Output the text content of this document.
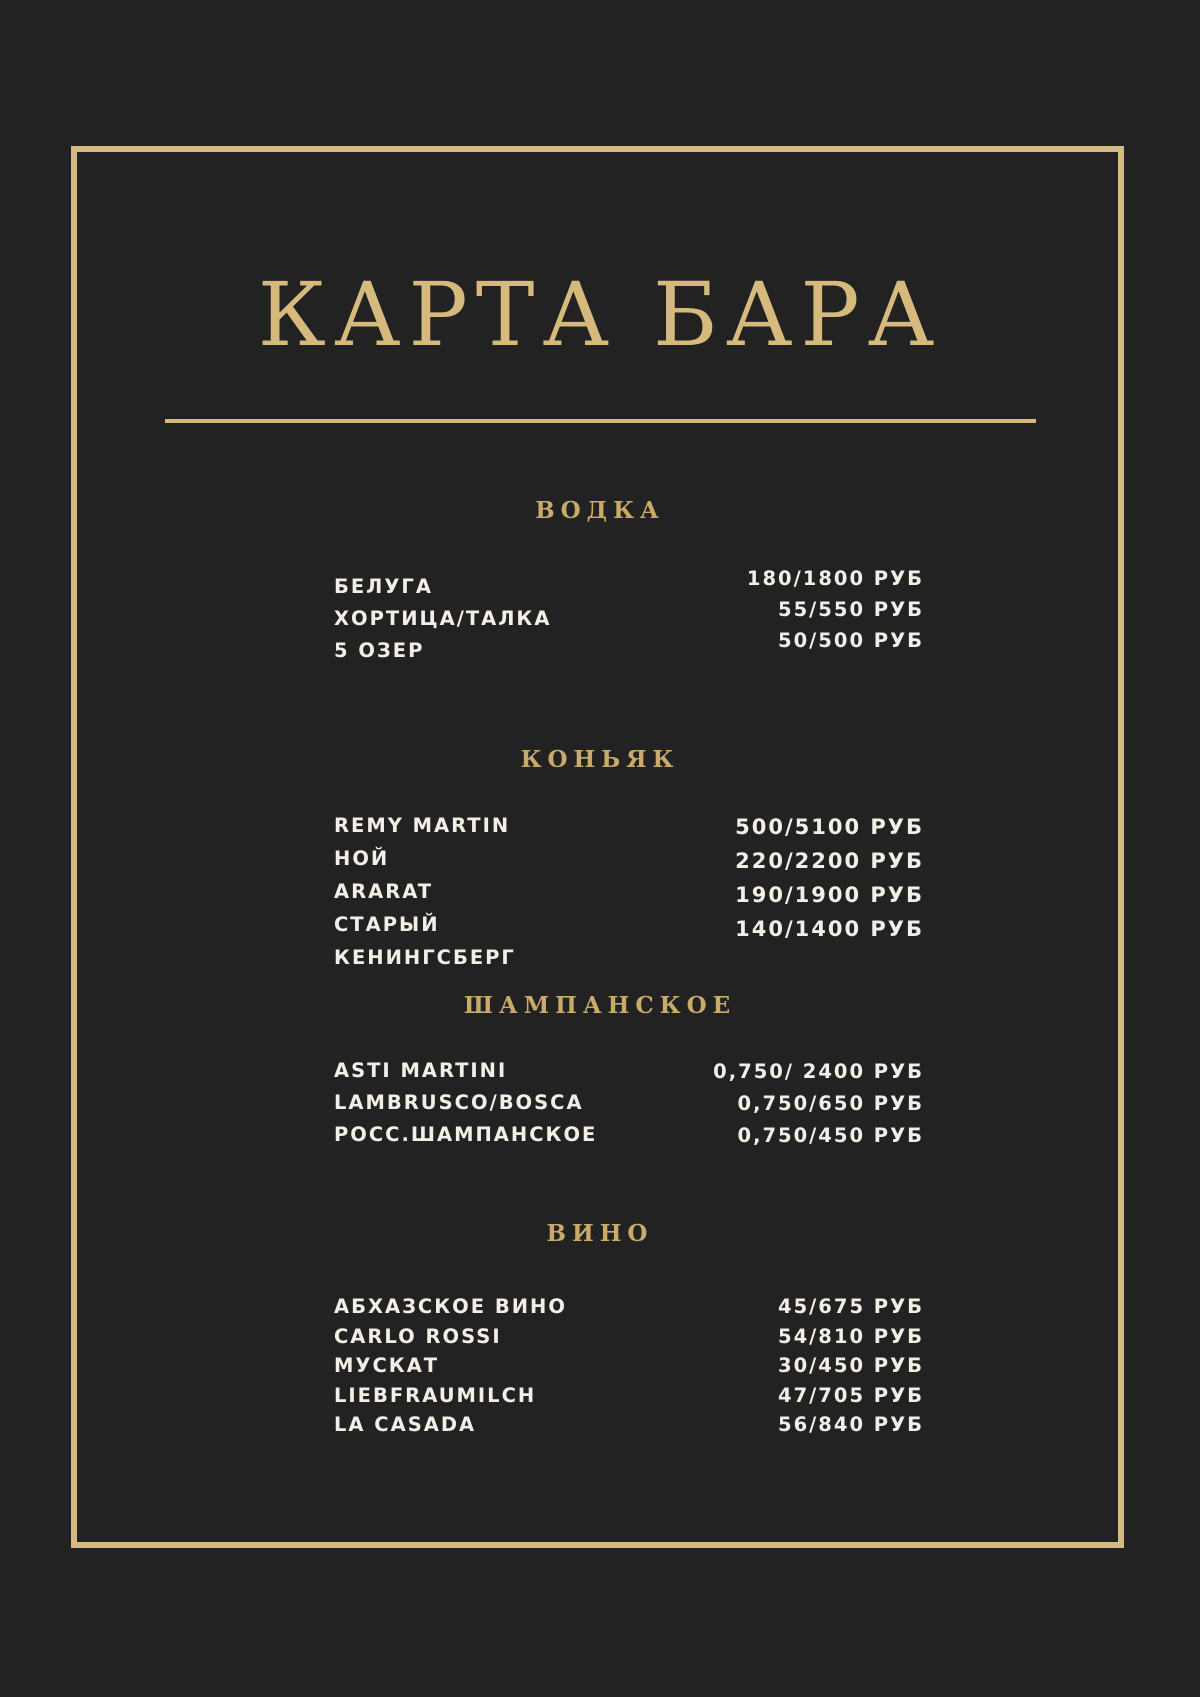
КАРТА БАРА
ВОДКА
БЕЛУГА
ХОРТИЦА/ТАЛКА
5 ОЗЕР
180/1800 РУБ
55/550 РУБ
50/500 РУБ
КОНЬЯК
REMY MARTIN
НОЙ
ARARAT
СТАРЫЙ
КЕНИНГСБЕРГ
500/5100 РУБ
220/2200 РУБ
190/1900 РУБ
140/1400 РУБ
ШАМПАНСКОЕ
ASTI MARTINI
LAMBRUSCO/BOSCA
РОСС.ШАМПАНСКОЕ
0,750/ 2400 РУБ
0,750/650 РУБ
0,750/450 РУБ
ВИНО
АБХАЗСКОЕ ВИНО
CARLO ROSSI
МУСКАТ
LIEBFRAUMILCH
LA CASADA
45/675 РУБ
54/810 РУБ
30/450 РУБ
47/705 РУБ
56/840 РУБ
